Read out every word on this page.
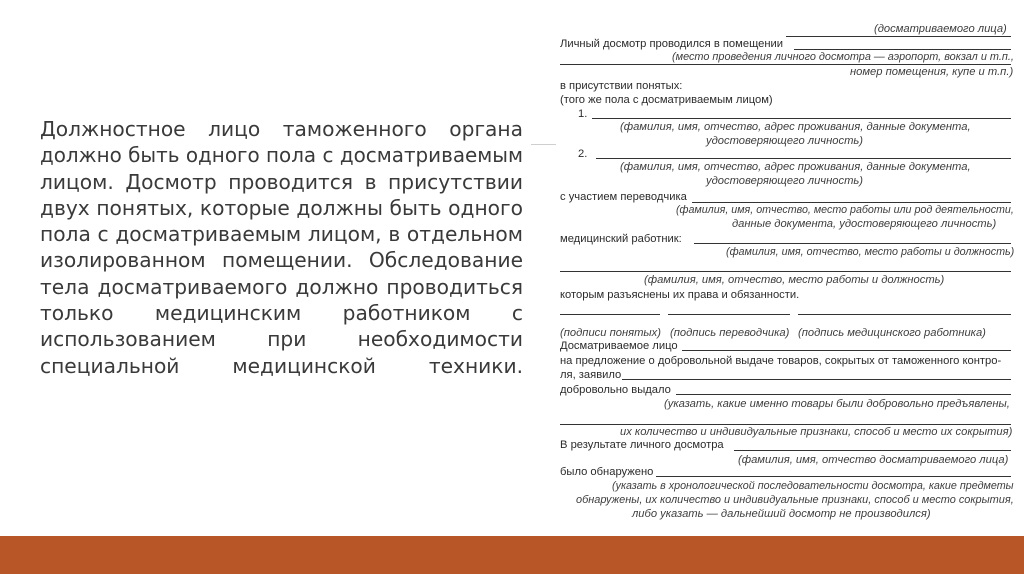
Должностное лицо таможенного органа
должно быть одного пола с досматриваемым
лицом. Досмотр проводится в присутствии
двух понятых, которые должны быть одного
пола с досматриваемым лицом, в отдельном
изолированном помещении. Обследование
тела досматриваемого должно проводиться
только медицинским работником с
использованием при необходимости
специальной медицинской техники.
(досматриваемого лица)
Личный досмотр проводился в помещении
(место проведения личного досмотра — аэропорт, вокзал и т.п.,
номер помещения, купе и т.п.)
в присутствии понятых:
(того же пола с досматриваемым лицом)
1.
(фамилия, имя, отчество, адрес проживания, данные документа,
удостоверяющего личность)
2.
(фамилия, имя, отчество, адрес проживания, данные документа,
удостоверяющего личность)
с участием переводчика
(фамилия, имя, отчество, место работы или род деятельности,
данные документа, удостоверяющего личность)
медицинский работник:
(фамилия, имя, отчество, место работы и должность)
(фамилия, имя, отчество, место работы и должность)
которым разъяснены их права и обязанности.
(подписи понятых) (подпись переводчика) (подпись медицинского работника)
Досматриваемое лицо
на предложение о добровольной выдаче товаров, сокрытых от таможенного контро-
ля, заявило
добровольно выдало
(указать, какие именно товары были добровольно предъявлены,
их количество и индивидуальные признаки, способ и место их сокрытия)
В результате личного досмотра
(фамилия, имя, отчество досматриваемого лица)
было обнаружено
(указать в хронологической последовательности досмотра, какие предметы
обнаружены, их количество и индивидуальные признаки, способ и место сокрытия,
либо указать — дальнейший досмотр не производился)
